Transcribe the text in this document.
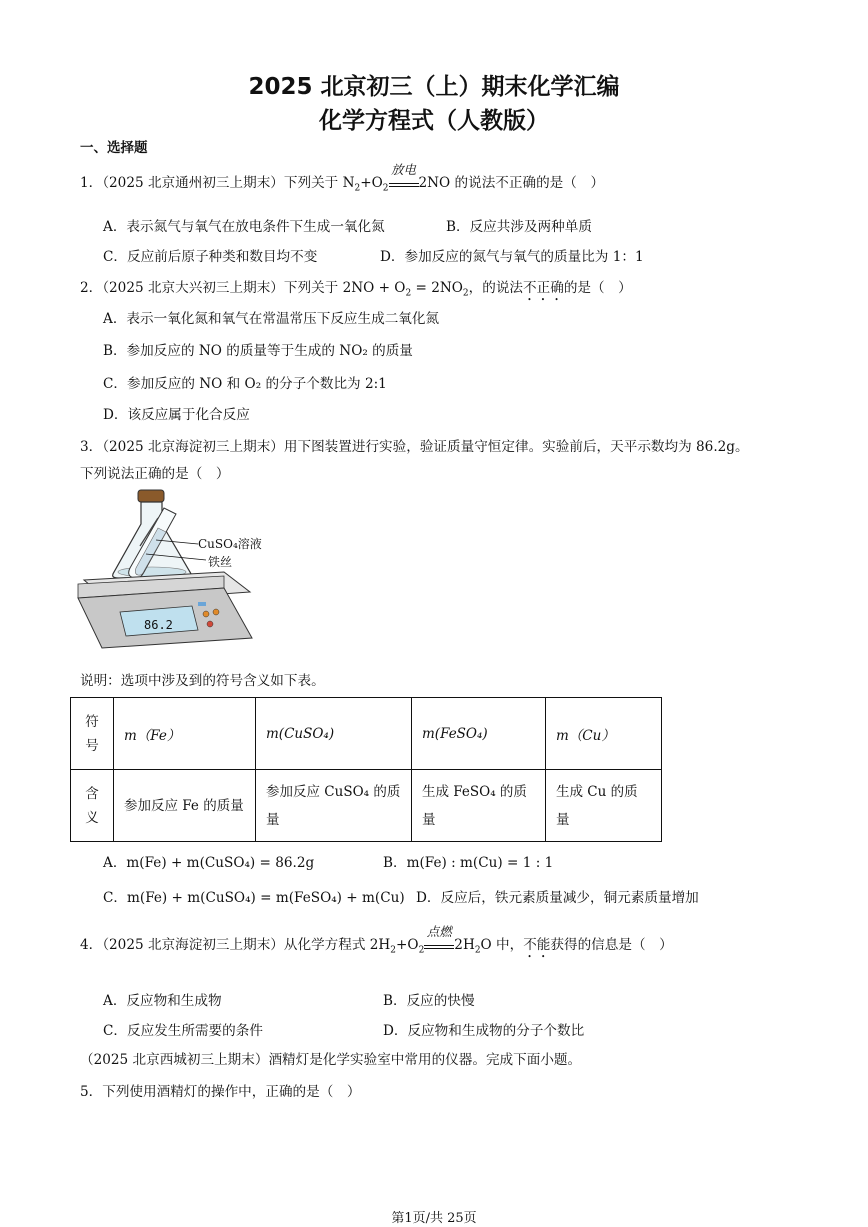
2025 北京初三（上）期末化学汇编
化学方程式（人教版）
一、选择题
1．（2025 北京通州初三上期末）下列关于 $N_2+O_2$
放电
2NO 的说法不正确的是（　）
A．表示氮气与氧气在放电条件下生成一氧化氮	B．反应共涉及两种单质
C．反应前后原子种类和数目均不变	D．参加反应的氮气与氧气的质量比为 1：1
2．（2025 北京大兴初三上期末）下列关于 $2NO + O_2 = 2NO_2$，的说法不正确的是（　）
A．表示一氧化氮和氧气在常温常压下反应生成二氧化氮
B．参加反应的 NO 的质量等于生成的 NO₂ 的质量
C．参加反应的 NO 和 O₂ 的分子个数比为 2:1
D．该反应属于化合反应
3．（2025 北京海淀初三上期末）用下图装置进行实验，验证质量守恒定律。实验前后，天平示数均为 86.2g。
下列说法正确的是（　）
CuSO₄溶液
铁丝
86.2
说明：选项中涉及到的符号含义如下表。
符号	m（Fe）	m(CuSO₄)	m(FeSO₄)	m（Cu）
含义	参加反应 Fe 的质量	参加反应 CuSO₄ 的质量	生成 FeSO₄ 的质量	生成 Cu 的质量
A．m(Fe) + m(CuSO₄) = 86.2g	B．m(Fe) : m(Cu) = 1 : 1
C．m(Fe) + m(CuSO₄) = m(FeSO₄) + m(Cu) D．反应后，铁元素质量减少，铜元素质量增加
4．（2025 北京海淀初三上期末）从化学方程式 $2H_2+O_2$
点燃
$2H_2O$ 中，不能获得的信息是（　）
A．反应物和生成物	B．反应的快慢
C．反应发生所需要的条件	D．反应物和生成物的分子个数比
（2025 北京西城初三上期末）酒精灯是化学实验室中常用的仪器。完成下面小题。
5．下列使用酒精灯的操作中，正确的是（　）
第1页/共 25页
